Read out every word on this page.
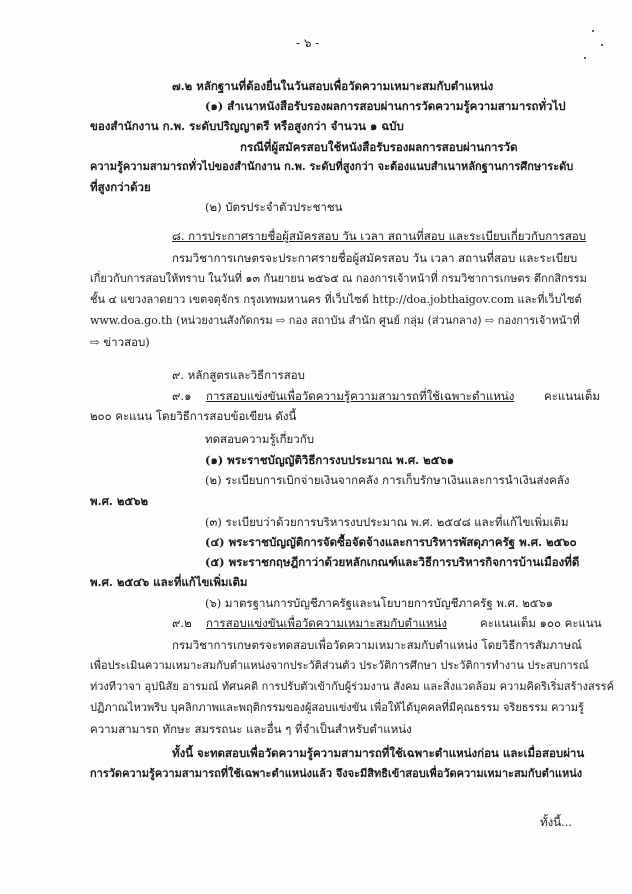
- ๖ -
๗.๒ หลักฐานที่ต้องยื่นในวันสอบเพื่อวัดความเหมาะสมกับตำแหน่ง
(๑) สำเนาหนังสือรับรองผลการสอบผ่านการวัดความรู้ความสามารถทั่วไป
ของสำนักงาน ก.พ. ระดับปริญญาตรี หรือสูงกว่า จำนวน ๑ ฉบับ
กรณีที่ผู้สมัครสอบใช้หนังสือรับรองผลการสอบผ่านการวัด
ความรู้ความสามารถทั่วไปของสำนักงาน ก.พ. ระดับที่สูงกว่า จะต้องแนบสำเนาหลักฐานการศึกษาระดับ
ที่สูงกว่าด้วย
(๒) บัตรประจำตัวประชาชน
๘. การประกาศรายชื่อผู้สมัครสอบ วัน เวลา สถานที่สอบ และระเบียบเกี่ยวกับการสอบ
กรมวิชาการเกษตรจะประกาศรายชื่อผู้สมัครสอบ วัน เวลา สถานที่สอบ และระเบียบ
เกี่ยวกับการสอบให้ทราบ ในวันที่ ๑๓ กันยายน ๒๕๖๕ ณ กองการเจ้าหน้าที่ กรมวิชาการเกษตร ตึกกสิกรรม
ชั้น ๔ แขวงลาดยาว เขตจตุจักร กรุงเทพมหานคร ที่เว็บไซต์ http://doa.jobthaigov.com และที่เว็บไซต์
www.doa.go.th (หน่วยงานสังกัดกรม ⇨ กอง สถาบัน สำนัก ศูนย์ กลุ่ม (ส่วนกลาง) ⇨ กองการเจ้าหน้าที่
⇨ ข่าวสอบ)
๙. หลักสูตรและวิธีการสอบ
๙.๑ การสอบแข่งขันเพื่อวัดความรู้ความสามารถที่ใช้เฉพาะตำแหน่ง	คะแนนเต็ม
๒๐๐ คะแนน โดยวิธีการสอบข้อเขียน ดังนี้
ทดสอบความรู้เกี่ยวกับ
(๑) พระราชบัญญัติวิธีการงบประมาณ พ.ศ. ๒๕๖๑
(๒) ระเบียบการเบิกจ่ายเงินจากคลัง การเก็บรักษาเงินและการนำเงินส่งคลัง
พ.ศ. ๒๕๖๒
(๓) ระเบียบว่าด้วยการบริหารงบประมาณ พ.ศ. ๒๕๔๘ และที่แก้ไขเพิ่มเติม
(๔) พระราชบัญญัติการจัดซื้อจัดจ้างและการบริหารพัสดุภาครัฐ พ.ศ. ๒๕๖๐
(๕) พระราชกฤษฎีกาว่าด้วยหลักเกณฑ์และวิธีการบริหารกิจการบ้านเมืองที่ดี
พ.ศ. ๒๕๔๖ และที่แก้ไขเพิ่มเติม
(๖) มาตรฐานการบัญชีภาครัฐและนโยบายการบัญชีภาครัฐ พ.ศ. ๒๕๖๑
๙.๒ การสอบแข่งขันเพื่อวัดความเหมาะสมกับตำแหน่ง	คะแนนเต็ม ๑๐๐ คะแนน
กรมวิชาการเกษตรจะทดสอบเพื่อวัดความเหมาะสมกับตำแหน่ง โดยวิธีการสัมภาษณ์
เพื่อประเมินความเหมาะสมกับตำแหน่งจากประวัติส่วนตัว ประวัติการศึกษา ประวัติการทำงาน ประสบการณ์
ท่วงทีวาจา อุปนิสัย อารมณ์ ทัศนคติ การปรับตัวเข้ากับผู้ร่วมงาน สังคม และสิ่งแวดล้อม ความคิดริเริ่มสร้างสรรค์
ปฏิภาณไหวพริบ บุคลิกภาพและพฤติกรรมของผู้สอบแข่งขัน เพื่อให้ได้บุคคลที่มีคุณธรรม จริยธรรม ความรู้
ความสามารถ ทักษะ สมรรถนะ และอื่น ๆ ที่จำเป็นสำหรับตำแหน่ง
ทั้งนี้ จะทดสอบเพื่อวัดความรู้ความสามารถที่ใช้เฉพาะตำแหน่งก่อน และเมื่อสอบผ่าน
การวัดความรู้ความสามารถที่ใช้เฉพาะตำแหน่งแล้ว จึงจะมีสิทธิเข้าสอบเพื่อวัดความเหมาะสมกับตำแหน่ง
ทั้งนี้...
